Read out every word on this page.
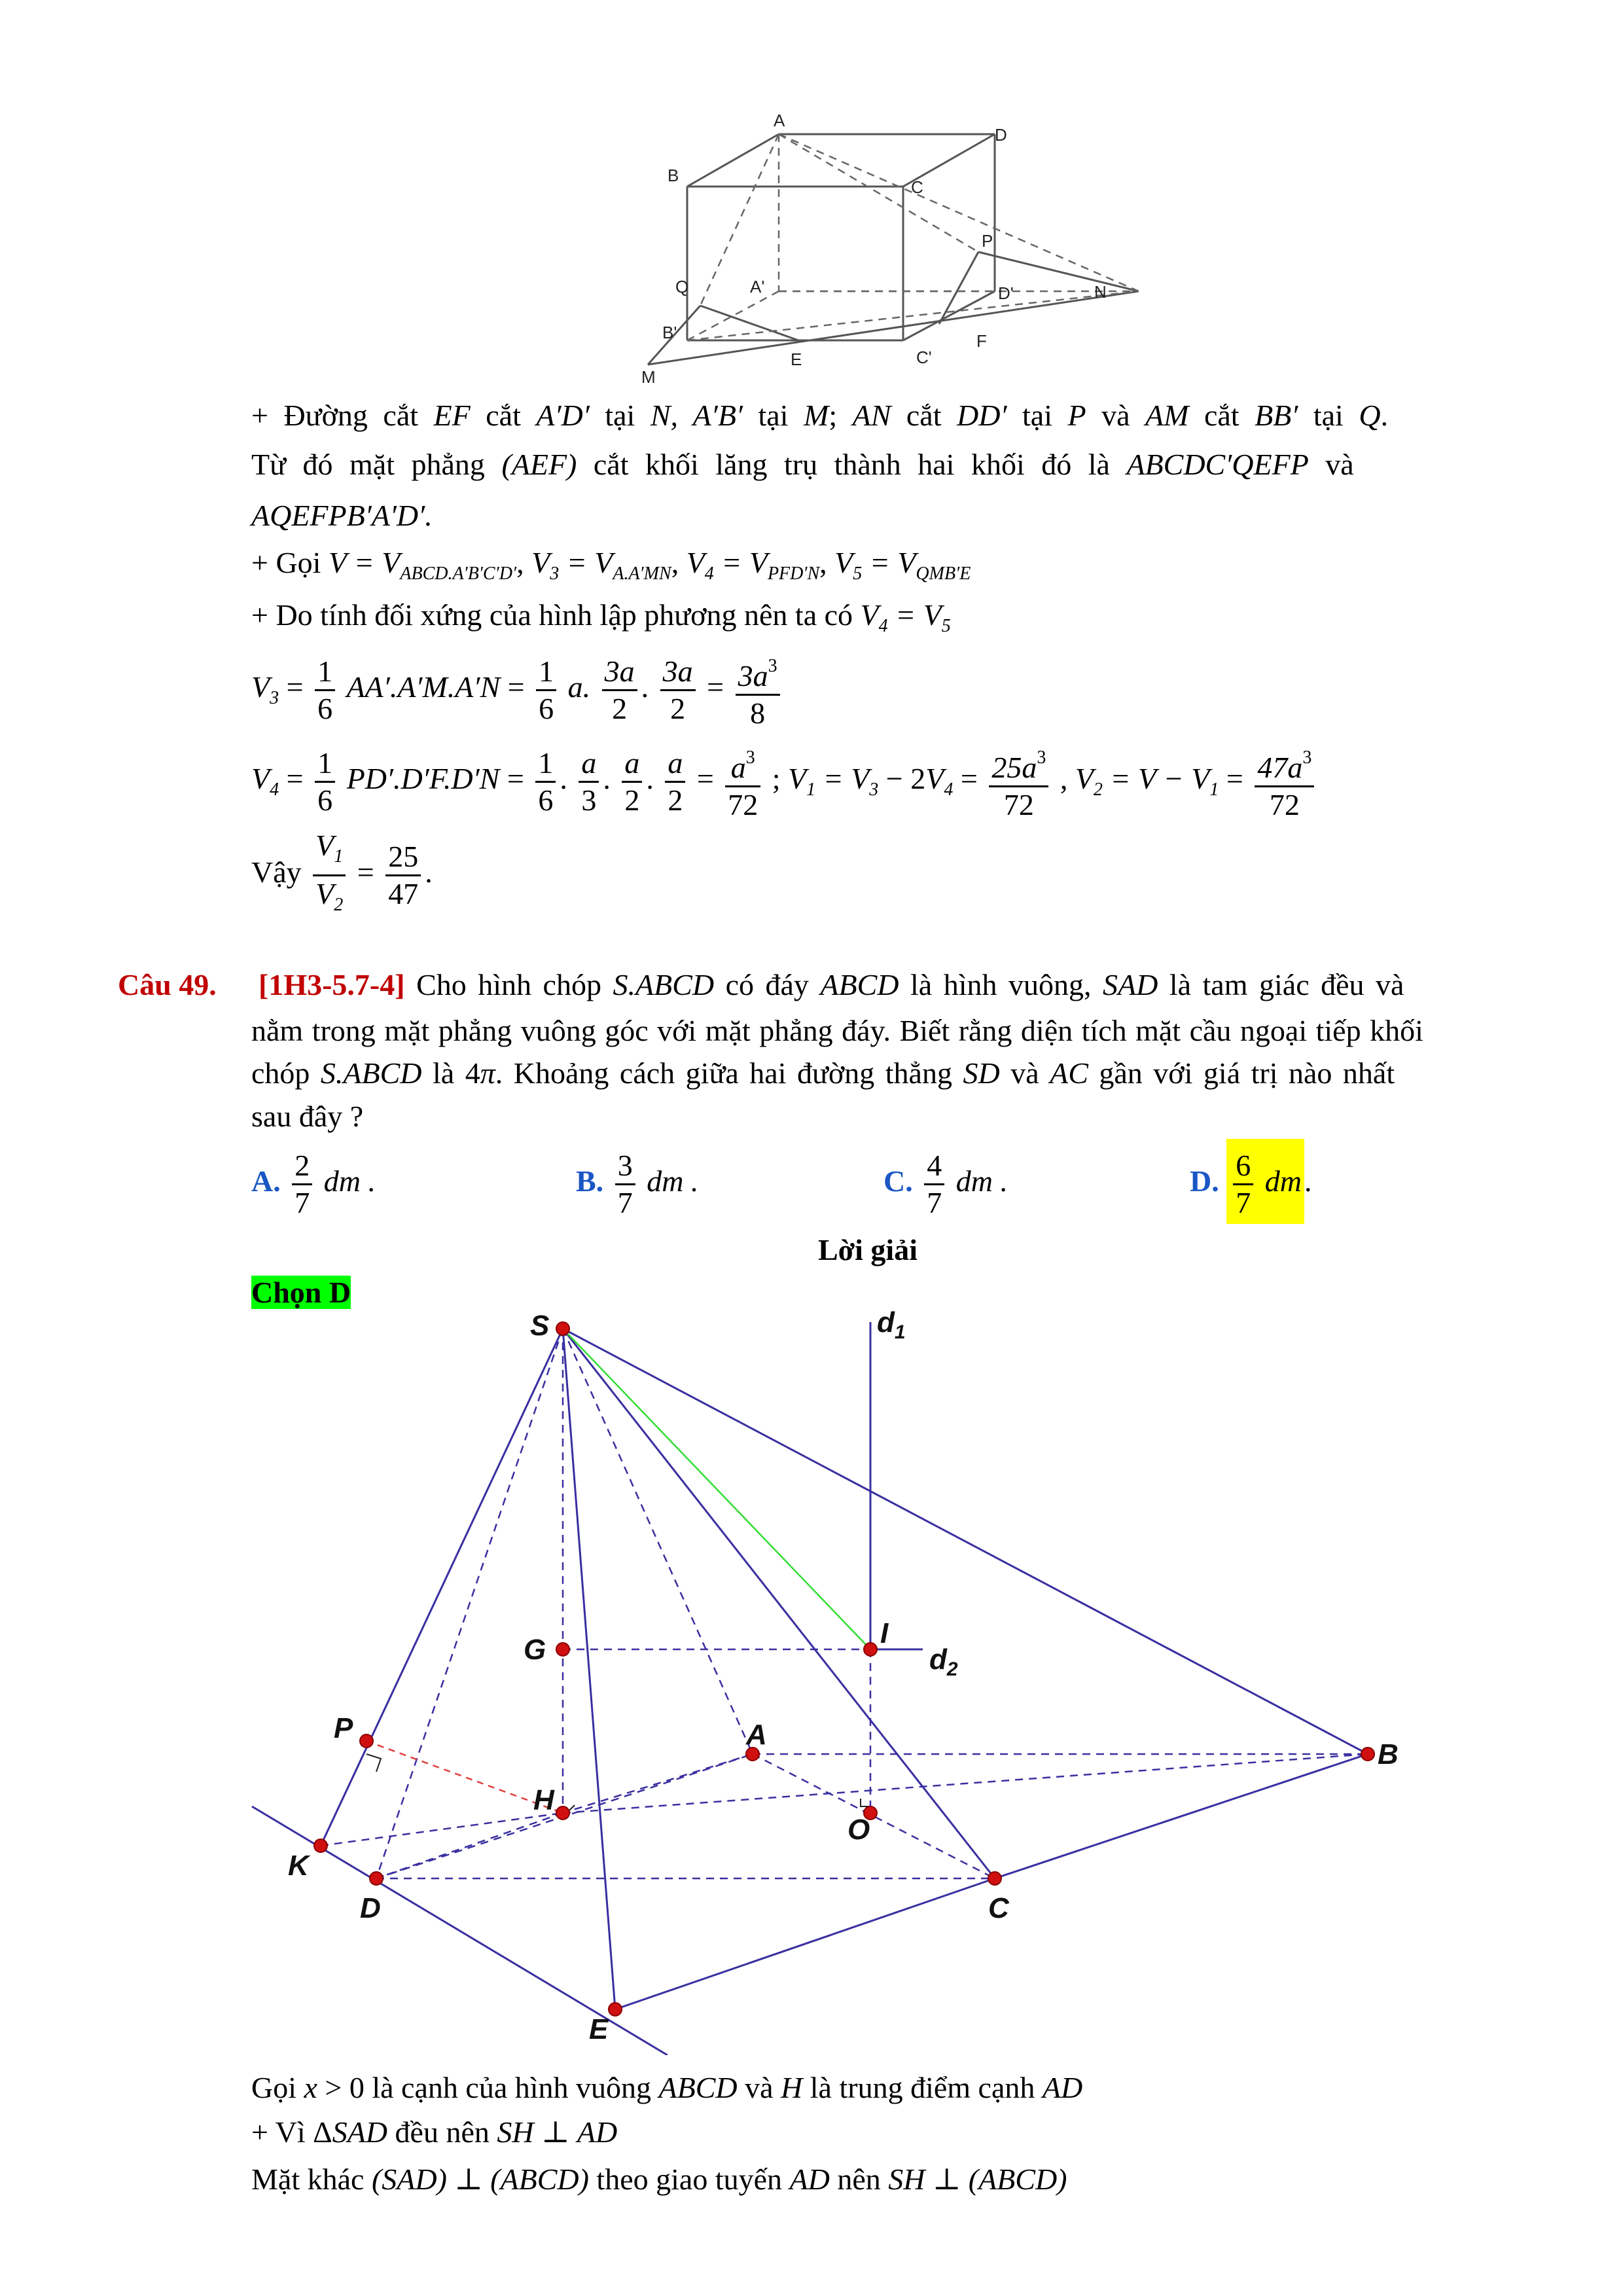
A
D
B
C
P
Q	A'	D'	N
B'
C'
F
E
M
+ Đường cắt EF cắt A′D′ tại N, A′B′ tại M; AN cắt DD′ tại P và AM cắt BB′ tại Q.
Từ đó mặt phẳng (AEF) cắt khối lăng trụ thành hai khối đó là ABCDC′QEFP và
AQEFPB′A′D′.
+ Gọi $V = V_{ABCD.A'B'C'D'}$, $V_3 = V_{A.A'MN}$, $V_4 = V_{PFD'N}$, $V_5 = V_{QMB'E}$
+ Do tính đối xứng của hình lập phương nên ta có $V_4 = V_5$
$V_3 = \frac{1}{6} AA'.A'M.A'N = \frac{1}{6} a$. $\frac{3a}{2}$ . $\frac{3a}{2} = \frac{3a^3}{8}$
$V_4 = \frac{1}{6} PD'.D'F.D'N = \frac{1}{6}$ . $\frac{a}{3}$ . $\frac{a}{2}$ . $\frac{a}{2} = \frac{a^3}{72}$ ; $V_1 = V_3 - 2V_4 = \frac{25a^3}{72}$ , $V_2 = V - V_1 = \frac{47a^3}{72}$
Vậy $\frac{V_1}{V_2} = \frac{25}{47}$ .
Câu 49. [1H3-5.7-4] Cho hình chóp S.ABCD có đáy ABCD là hình vuông, SAD là tam giác đều và
nằm trong mặt phẳng vuông góc với mặt phẳng đáy. Biết rằng diện tích mặt cầu ngoại tiếp khối
chóp S.ABCD là 4π. Khoảng cách giữa hai đường thẳng SD và AC gần với giá trị nào nhất
sau đây ?
A. $\frac{2}{7}$ dm .	B. $\frac{3}{7}$ dm .	C. $\frac{4}{7}$ dm .	D. $\frac{6}{7}$ dm.
Lời giải
Chọn D
S	$d_1$
I
$d_2$
G
P	A
B
H
O
K
D	C
E
Gọi x > 0 là cạnh của hình vuông ABCD và H là trung điểm cạnh AD
+ Vì ΔSAD đều nên SH ⊥ AD
Mặt khác (SAD) ⊥ (ABCD) theo giao tuyến AD nên SH ⊥ (ABCD)
